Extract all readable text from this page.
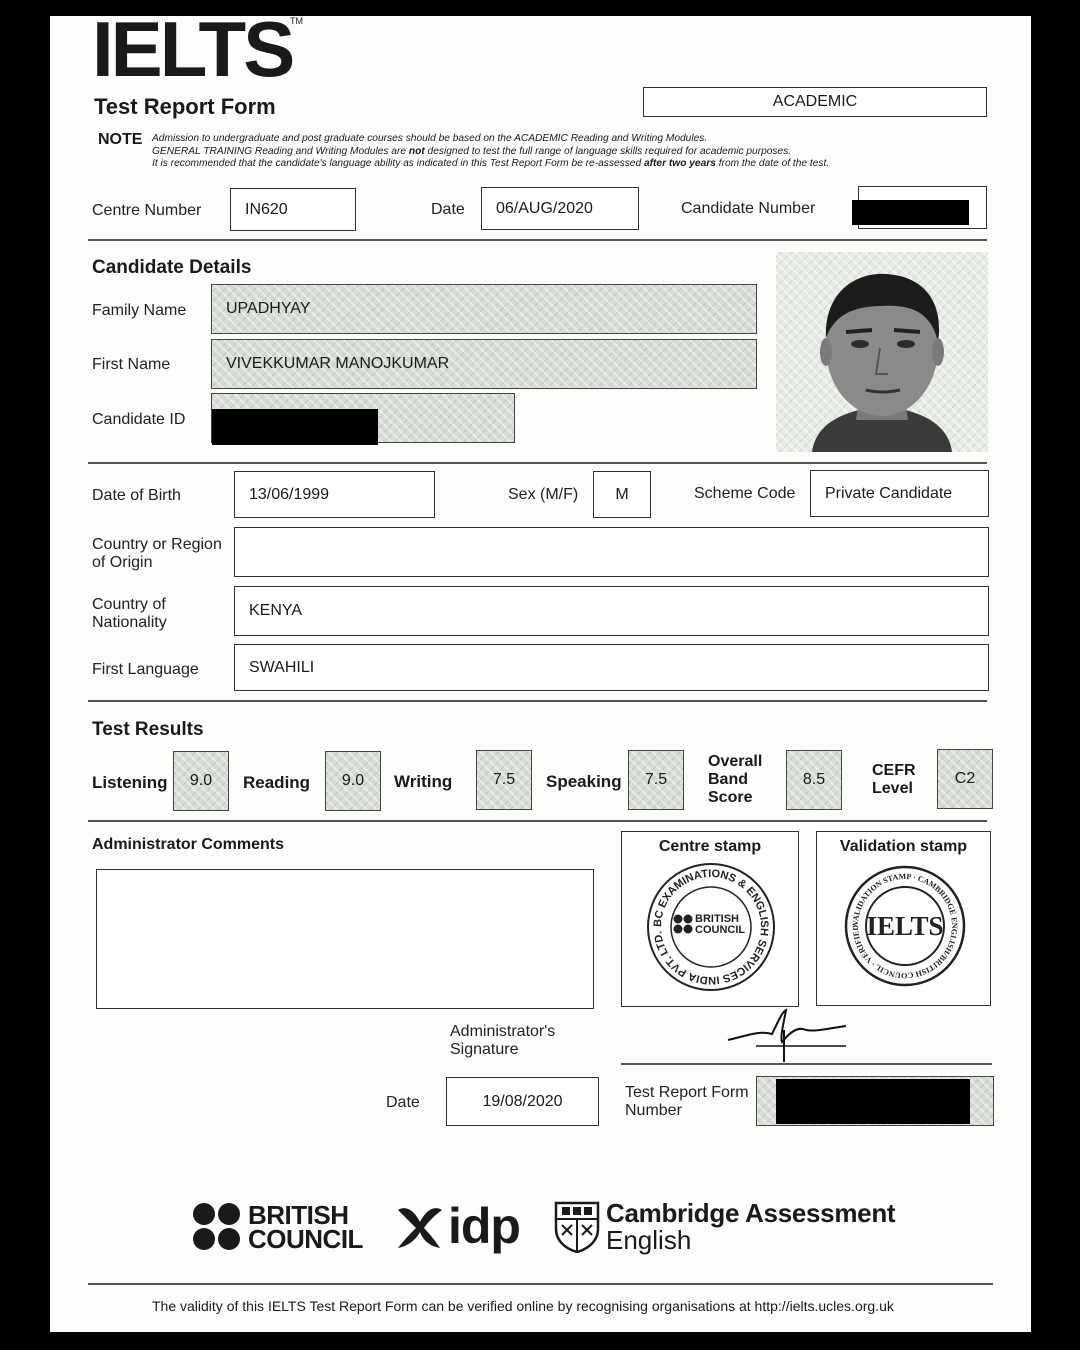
IELTS
TM
Test Report Form	ACADEMIC
NOTE Admission to undergraduate and post graduate courses should be based on the ACADEMIC Reading and Writing Modules.
GENERAL TRAINING Reading and Writing Modules are not designed to test the full range of language skills required for academic purposes.
It is recommended that the candidate's language ability as indicated in this Test Report Form be re-assessed after two years from the date of the test.
Centre Number	IN620	Date 06/AUG/2020	Candidate Number
Candidate Details
Family Name UPADHYAY
First Name	VIVEKKUMAR MANOJKUMAR
Candidate ID
Date of Birth	13/06/1999	Sex (M/F) M	Scheme Code Private Candidate
Country or Region
of Origin
Country of
Nationality
KENYA
First Language	SWAHILI
Test Results
Listening 9.0 Reading 9.0 Writing	7.5 Speaking 7.5
Overall
Band
Score
8.5
CEFR
Level
C2
Administrator Comments	Centre stamp
BC EXAMINATIONS & ENGLISH SERVICES INDIA PVT. LTD.
BRITISH
COUNCIL
Validation stamp
VALIDATION STAMP · CAMBRIDGE ENGLISH/BRITISH COUNCIL · VERIFIED IELTS
Administrator's
Signature
Date	19/08/2020	Test Report Form
Number
BRITISH
COUNCIL idp	Cambridge Assessment
English
The validity of this IELTS Test Report Form can be verified online by recognising organisations at http://ielts.ucles.org.uk
